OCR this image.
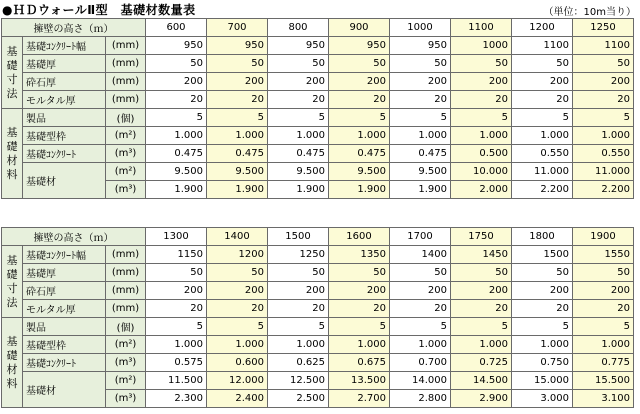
●ＨＤウォールⅡ型　基礎材数量表	（単位：10m当り）
擁壁の高さ（ｍ）			600	700	800	900	1000	1100	1200	1250

基
礎
寸
法	基礎ｺﾝｸﾘｰﾄ幅	(mm)	950	950	950	950	950	1000	1100	1100
	基礎厚	(mm)	50	50	50	50	50	50	50	50
	砕石厚	(mm)	200	200	200	200	200	200	200	200
	モルタル厚	(mm)	20	20	20	20	20	20	20	20

基
礎
材
料	製品	(個)	5	5	5	5	5	5	5	5
	基礎型枠	(m²)	1.000	1.000	1.000	1.000	1.000	1.000	1.000	1.000
	基礎ｺﾝｸﾘｰﾄ	(m³)	0.475	0.475	0.475	0.475	0.475	0.500	0.550	0.550
	基礎材	(m²)	9.500	9.500	9.500	9.500	9.500	10.000	11.000	11.000
		(m³)	1.900	1.900	1.900	1.900	1.900	2.000	2.200	2.200
擁壁の高さ（ｍ）			1300	1400	1500	1600	1700	1750	1800	1900

基
礎
寸
法	基礎ｺﾝｸﾘｰﾄ幅	(mm)	1150	1200	1250	1350	1400	1450	1500	1550
	基礎厚	(mm)	50	50	50	50	50	50	50	50
	砕石厚	(mm)	200	200	200	200	200	200	200	200
	モルタル厚	(mm)	20	20	20	20	20	20	20	20

基
礎
材
料	製品	(個)	5	5	5	5	5	5	5	5
	基礎型枠	(m²)	1.000	1.000	1.000	1.000	1.000	1.000	1.000	1.000
	基礎ｺﾝｸﾘｰﾄ	(m³)	0.575	0.600	0.625	0.675	0.700	0.725	0.750	0.775
	基礎材	(m²)	11.500	12.000	12.500	13.500	14.000	14.500	15.000	15.500
		(m³)	2.300	2.400	2.500	2.700	2.800	2.900	3.000	3.100
